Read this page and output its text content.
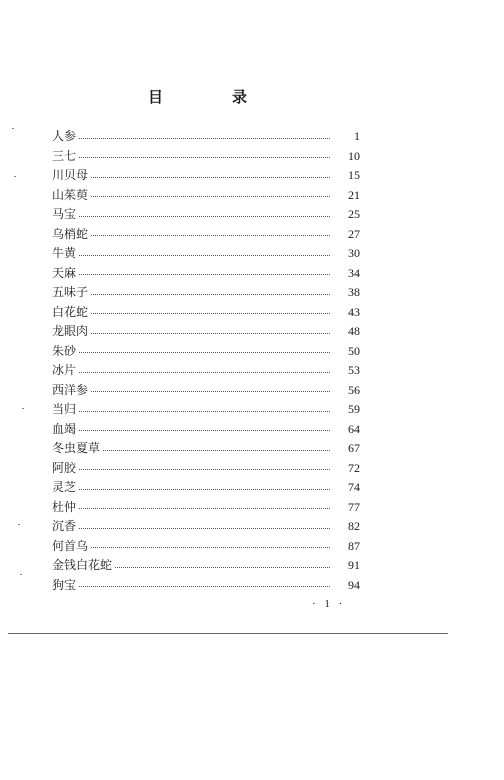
目	录
人参	1
三七	10
川贝母	15
山茱萸	21
马宝	25
乌梢蛇	27
牛黄	30
天麻	34
五味子	38
白花蛇	43
龙眼肉	48
朱砂	50
冰片	53
西洋参	56
当归	59
血竭	64
冬虫夏草	67
阿胶	72
灵芝	74
杜仲	77
沉香	82
何首乌	87
金钱白花蛇	91
狗宝	94
· 1 ·
